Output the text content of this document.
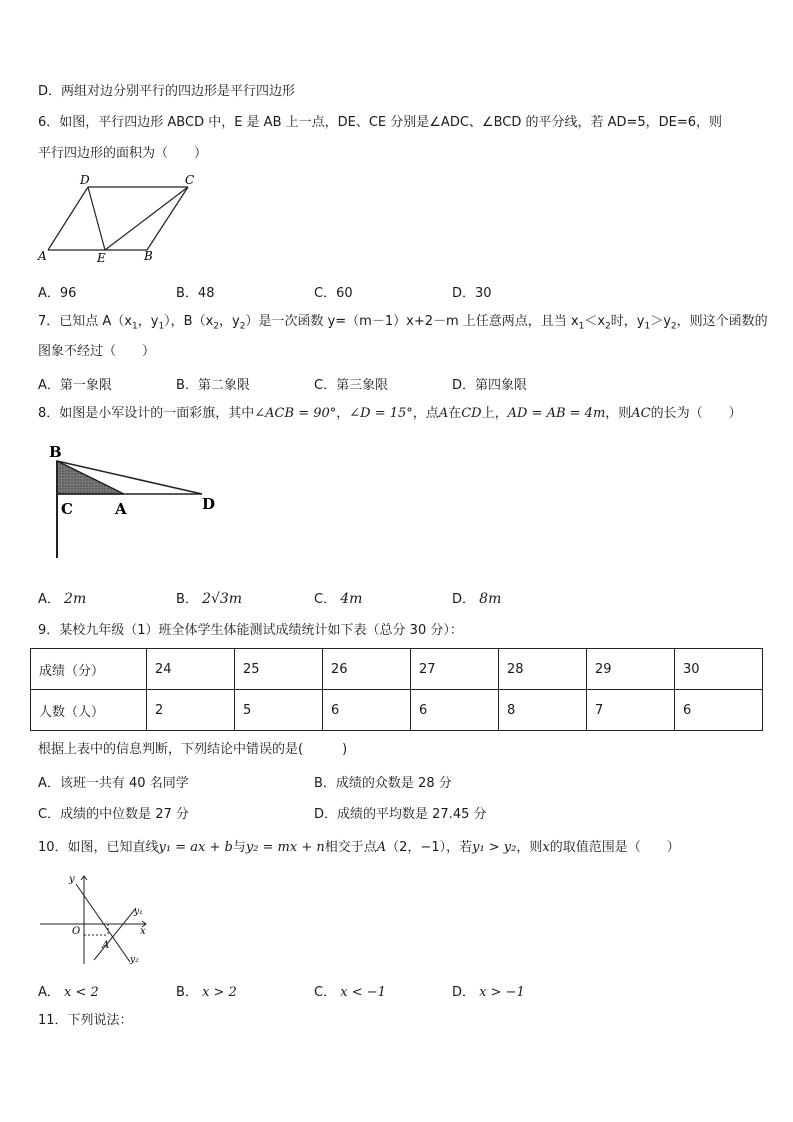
D．两组对边分别平行的四边形是平行四边形
6．如图，平行四边形 ABCD 中，E 是 AB 上一点，DE、CE 分别是∠ADC、∠BCD 的平分线，若 AD=5，DE=6，则
平行四边形的面积为（　　）
D	C
A	E	B
A．96	B．48	C．60	D．30
7．已知点 $A(x_1$，$y_1$），$B(x_2$，$y_2$）是一次函数 y=（m－1）x+2－m 上任意两点，且当 $x_1<x_2$时，$y_1>y_2$，则这个函数的
图象不经过（　　）
A．第一象限	B．第二象限	C．第三象限	D．第四象限
8．如图是小军设计的一面彩旗，其中∠ACB = 90°，∠D = 15°，点A在CD上，AD = AB = 4m，则AC的长为（　　）
B
C	A	D
A． 2m	B． 2√3m	C． 4m	D． 8m
9．某校九年级（1）班全体学生体能测试成绩统计如下表（总分 30 分）：
成绩（分）	24	25	26	27	28	29	30
人数（人）	2	5	6	6	8	7	6
根据上表中的信息判断，下列结论中错误的是(　　　)
A．该班一共有 40 名同学	B．成绩的众数是 28 分
C．成绩的中位数是 27 分	D．成绩的平均数是 27.45 分
10．如图，已知直线y₁ = ax + b与y₂ = mx + n相交于点A（2，−1），若y₁ > y₂，则x的取值范围是（　　）
y
x
O
A
y₁
y₂
A． x < 2	B． x > 2	C． x < −1	D． x > −1
11．下列说法：
